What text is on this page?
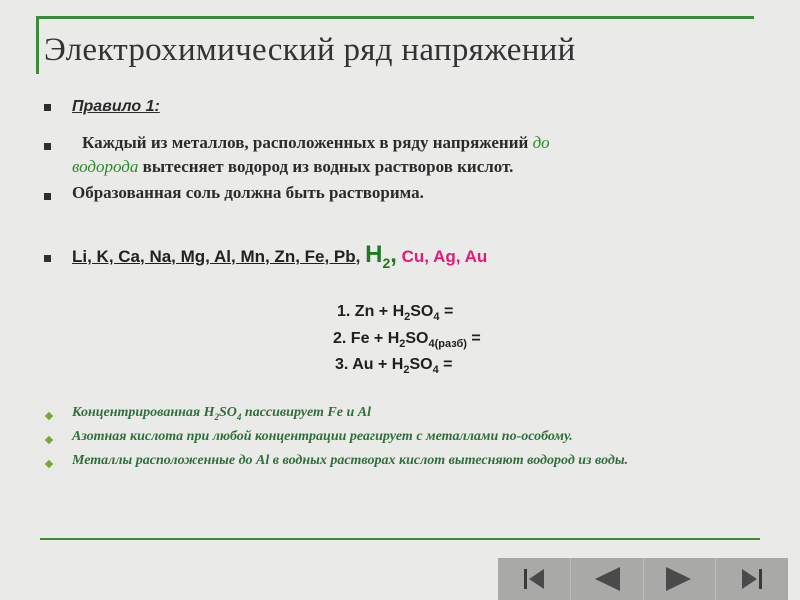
Электрохимический ряд напряжений
Правило 1:
Каждый из металлов, расположенных в ряду напряжений до
водорода вытесняет водород из водных растворов кислот.
Образованная соль должна быть растворима.
Li, K, Ca, Na, Mg, Al, Mn, Zn, Fe, Pb, $H_2$, Cu, Ag, Au
1. $Zn + H_2SO_4$ =
2. $Fe + H_2SO_{4(разб)}$ =
3. $Au + H_2SO_4$ =
Концентрированная $H_2SO_4$ пассивирует Fe и Al
Азотная кислота при любой концентрации реагирует с металлами по-особому.
Металлы расположенные до Al в водных растворах кислот вытесняют водород из воды.
